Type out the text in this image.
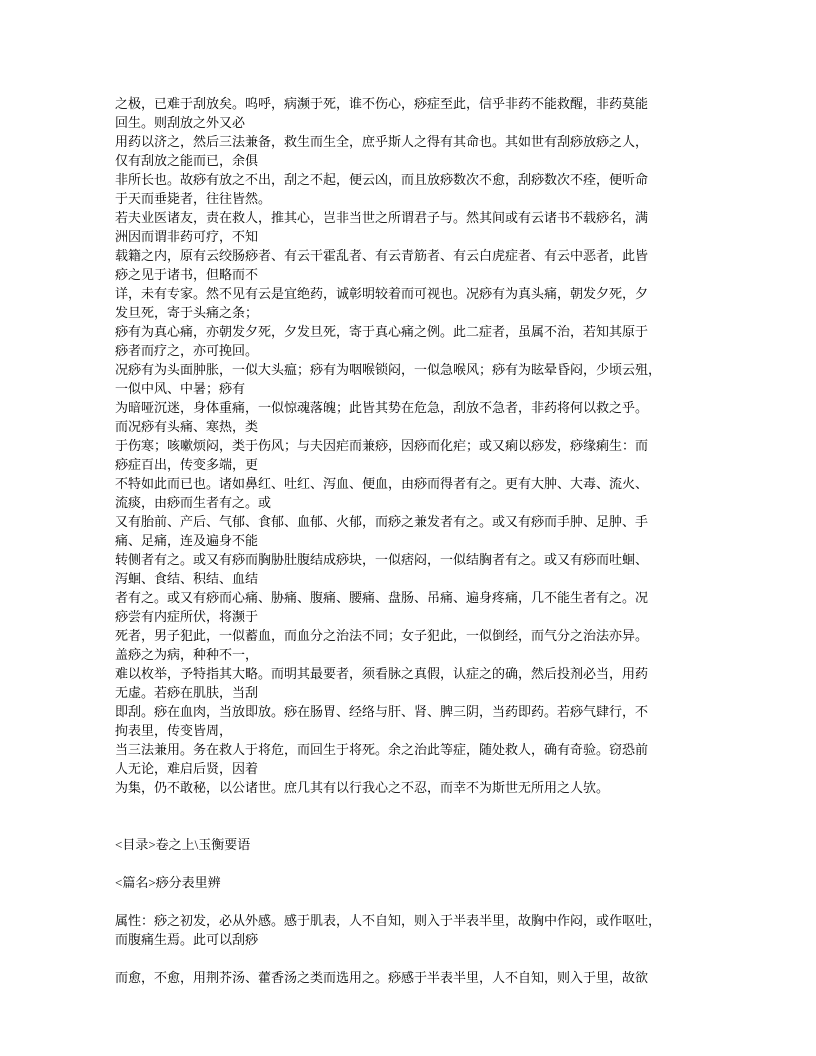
之极，已难于刮放矣。呜呼，病濒于死，谁不伤心，痧症至此，信乎非药不能救醒，非药莫能
回生。则刮放之外又必
用药以济之，然后三法兼备，救生而生全，庶乎斯人之得有其命也。其如世有刮痧放痧之人，
仅有刮放之能而已，余俱
非所长也。故痧有放之不出，刮之不起，便云凶，而且放痧数次不愈，刮痧数次不痊，便听命
于天而垂毙者，往往皆然。
若夫业医诸友，责在救人，推其心，岂非当世之所谓君子与。然其间或有云诸书不载痧名，满
洲因而谓非药可疗，不知
载籍之内，原有云绞肠痧者、有云干霍乱者、有云青筋者、有云白虎症者、有云中恶者，此皆
痧之见于诸书，但略而不
详，未有专家。然不见有云是宜绝药，诚彰明较着而可视也。况痧有为真头痛，朝发夕死，夕
发旦死，寄于头痛之条；
痧有为真心痛，亦朝发夕死，夕发旦死，寄于真心痛之例。此二症者，虽属不治，若知其原于
痧者而疗之，亦可挽回。
况痧有为头面肿胀，一似大头瘟；痧有为咽喉锁闷，一似急喉风；痧有为眩晕昏闷，少顷云殂，
一似中风、中暑；痧有
为暗哑沉迷，身体重痛，一似惊魂落魄；此皆其势在危急，刮放不急者，非药将何以救之乎。
而况痧有头痛、寒热，类
于伤寒；咳嗽烦闷，类于伤风；与夫因疟而兼痧，因痧而化疟；或又痢以痧发，痧缘痢生：而
痧症百出，传变多端，更
不特如此而已也。诸如鼻红、吐红、泻血、便血，由痧而得者有之。更有大肿、大毒、流火、
流痰，由痧而生者有之。或
又有胎前、产后、气郁、食郁、血郁、火郁，而痧之兼发者有之。或又有痧而手肿、足肿、手
痛、足痛，连及遍身不能
转侧者有之。或又有痧而胸胁肚腹结成痧块，一似痞闷，一似结胸者有之。或又有痧而吐蛔、
泻蛔、食结、积结、血结
者有之。或又有痧而心痛、胁痛、腹痛、腰痛、盘肠、吊痛、遍身疼痛，几不能生者有之。况
痧尝有内症所伏，将濒于
死者，男子犯此，一似蓄血，而血分之治法不同；女子犯此，一似倒经，而气分之治法亦异。
盖痧之为病，种种不一，
难以枚举，予特指其大略。而明其最要者，须看脉之真假，认症之的确，然后投剂必当，用药
无虚。若痧在肌肤，当刮
即刮。痧在血肉，当放即放。痧在肠胃、经络与肝、肾、脾三阴，当药即药。若痧气肆行，不
拘表里，传变皆周，
当三法兼用。务在救人于将危，而回生于将死。余之治此等症，随处救人，确有奇验。窃恐前
人无论，难启后贤，因着
为集，仍不敢秘，以公诸世。庶几其有以行我心之不忍，而幸不为斯世无所用之人欤。
<目录>卷之上\玉衡要语
<篇名>痧分表里辨
属性：痧之初发，必从外感。感于肌表，人不自知，则入于半表半里，故胸中作闷，或作呕吐，
而腹痛生焉。此可以刮痧
而愈，不愈，用荆芥汤、藿香汤之类而选用之。痧感于半表半里，人不自知，则入于里，故欲
